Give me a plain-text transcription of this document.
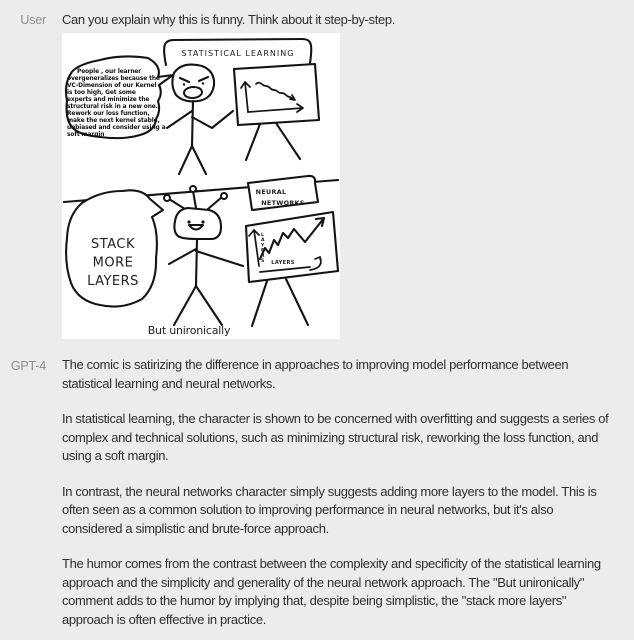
User Can you explain why this is funny. Think about it step-by-step.

STATISTICAL LEARNING
People , our learner overgeneralizes because the VC-Dimension of our Kernel is too high, Get some experts and minimize the structural risk in a new one. Rework our loss function, make the next kernel stable, unbiased and consider using a soft margin
NEURAL
NETWORKS
STACK MORE LAYERS
L A Y E R S LAYERS
But unironically
GPT-4 The comic is satirizing the difference in approaches to improving model performance between statistical learning and neural networks.

In statistical learning, the character is shown to be concerned with overfitting and suggests a series of complex and technical solutions, such as minimizing structural risk, reworking the loss function, and using a soft margin.

In contrast, the neural networks character simply suggests adding more layers to the model. This is often seen as a common solution to improving performance in neural networks, but it's also considered a simplistic and brute-force approach.

The humor comes from the contrast between the complexity and specificity of the statistical learning approach and the simplicity and generality of the neural network approach. The "But unironically" comment adds to the humor by implying that, despite being simplistic, the "stack more layers" approach is often effective in practice.
